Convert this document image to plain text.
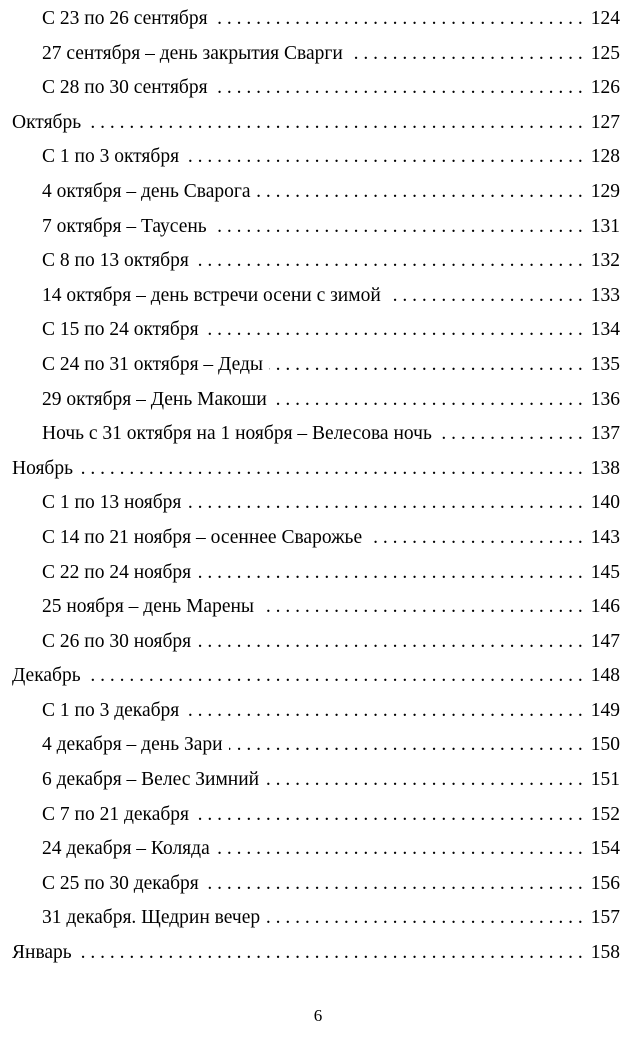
С 23 по 26 сентября . . .	124
27 сентября – день закрытия Сварги . . .	125
С 28 по 30 сентября . . .	126
Октябрь . . .	127
С 1 по 3 октября . . .	128
4 октября – день Сварога . . .	129
7 октября – Таусень . . .	131
С 8 по 13 октября . . .	132
14 октября – день встречи осени с зимой . . .	133
С 15 по 24 октября . . .	134
С 24 по 31 октября – Деды . . .	135
29 октября – День Макоши . . .	136
Ночь с 31 октября на 1 ноября – Велесова ночь . . .	137
Ноябрь . . .	138
С 1 по 13 ноября . . .	140
С 14 по 21 ноября – осеннее Сварожье . . .	143
С 22 по 24 ноября . . .	145
25 ноября – день Марены . . .	146
С 26 по 30 ноября . . .	147
Декабрь . . .	148
С 1 по 3 декабря . . .	149
4 декабря – день Зари . . .	150
6 декабря – Велес Зимний . . .	151
С 7 по 21 декабря . . .	152
24 декабря – Коляда . . .	154
С 25 по 30 декабря . . .	156
31 декабря. Щедрин вечер . . .	157
Январь . . .	158
6
